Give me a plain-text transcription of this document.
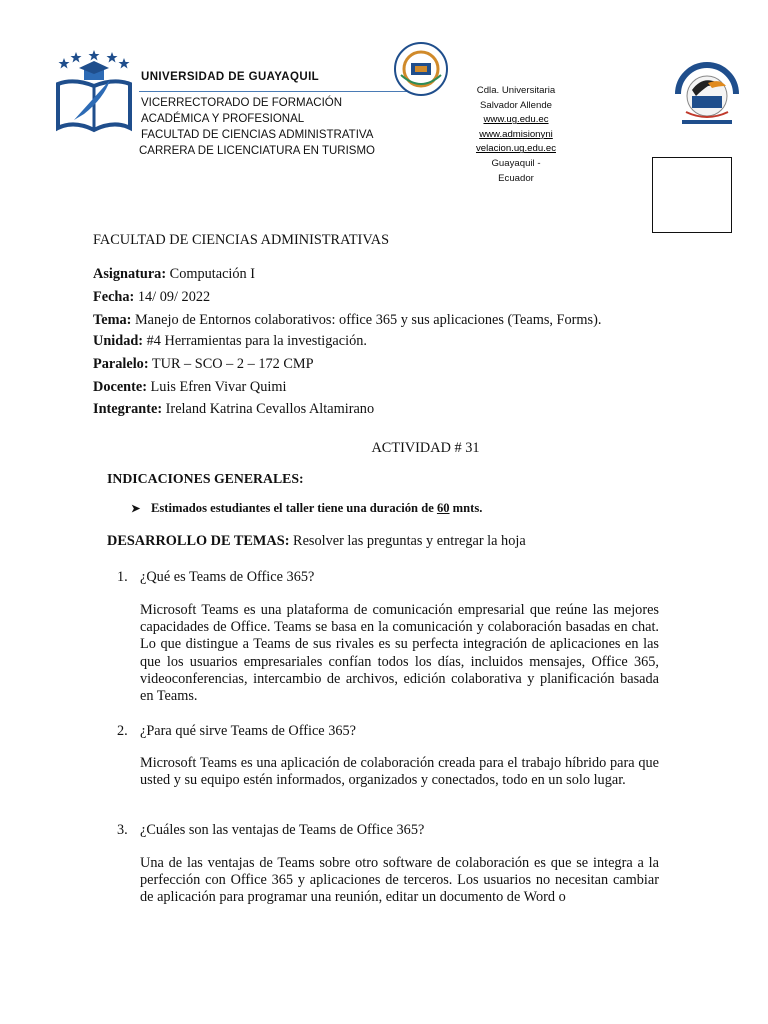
UNIVERSIDAD DE GUAYAQUIL
VICERRECTORADO DE FORMACIÓN
ACADÉMICA Y PROFESIONAL
FACULTAD DE CIENCIAS ADMINISTRATIVA
CARRERA DE LICENCIATURA EN TURISMO
Cdla. Universitaria
Salvador Allende
www.ug.edu.ec
www.admisionyni
velacion.ug.edu.ec
Guayaquil -
Ecuador
FACULTAD DE CIENCIAS ADMINISTRATIVAS
Asignatura: Computación I
Fecha: 14/ 09/ 2022
Tema: Manejo de Entornos colaborativos: office 365 y sus aplicaciones (Teams, Forms).
Unidad: #4 Herramientas para la investigación.
Paralelo: TUR – SCO – 2 – 172 CMP
Docente: Luis Efren Vivar Quimi
Integrante: Ireland Katrina Cevallos Altamirano
ACTIVIDAD # 31
INDICACIONES GENERALES:
➤ Estimados estudiantes el taller tiene una duración de 60 mnts.
DESARROLLO DE TEMAS: Resolver las preguntas y entregar la hoja
1. ¿Qué es Teams de Office 365?
Microsoft Teams es una plataforma de comunicación empresarial que reúne las mejores capacidades de Office. Teams se basa en la comunicación y colaboración basadas en chat. Lo que distingue a Teams de sus rivales es su perfecta integración de aplicaciones en las que los usuarios empresariales confían todos los días, incluidos mensajes, Office 365, videoconferencias, intercambio de archivos, edición colaborativa y planificación basada en Teams.
2. ¿Para qué sirve Teams de Office 365?
Microsoft Teams es una aplicación de colaboración creada para el trabajo híbrido para que usted y su equipo estén informados, organizados y conectados, todo en un solo lugar.
3. ¿Cuáles son las ventajas de Teams de Office 365?
Una de las ventajas de Teams sobre otro software de colaboración es que se integra a la perfección con Office 365 y aplicaciones de terceros. Los usuarios no necesitan cambiar de aplicación para programar una reunión, editar un documento de Word o
